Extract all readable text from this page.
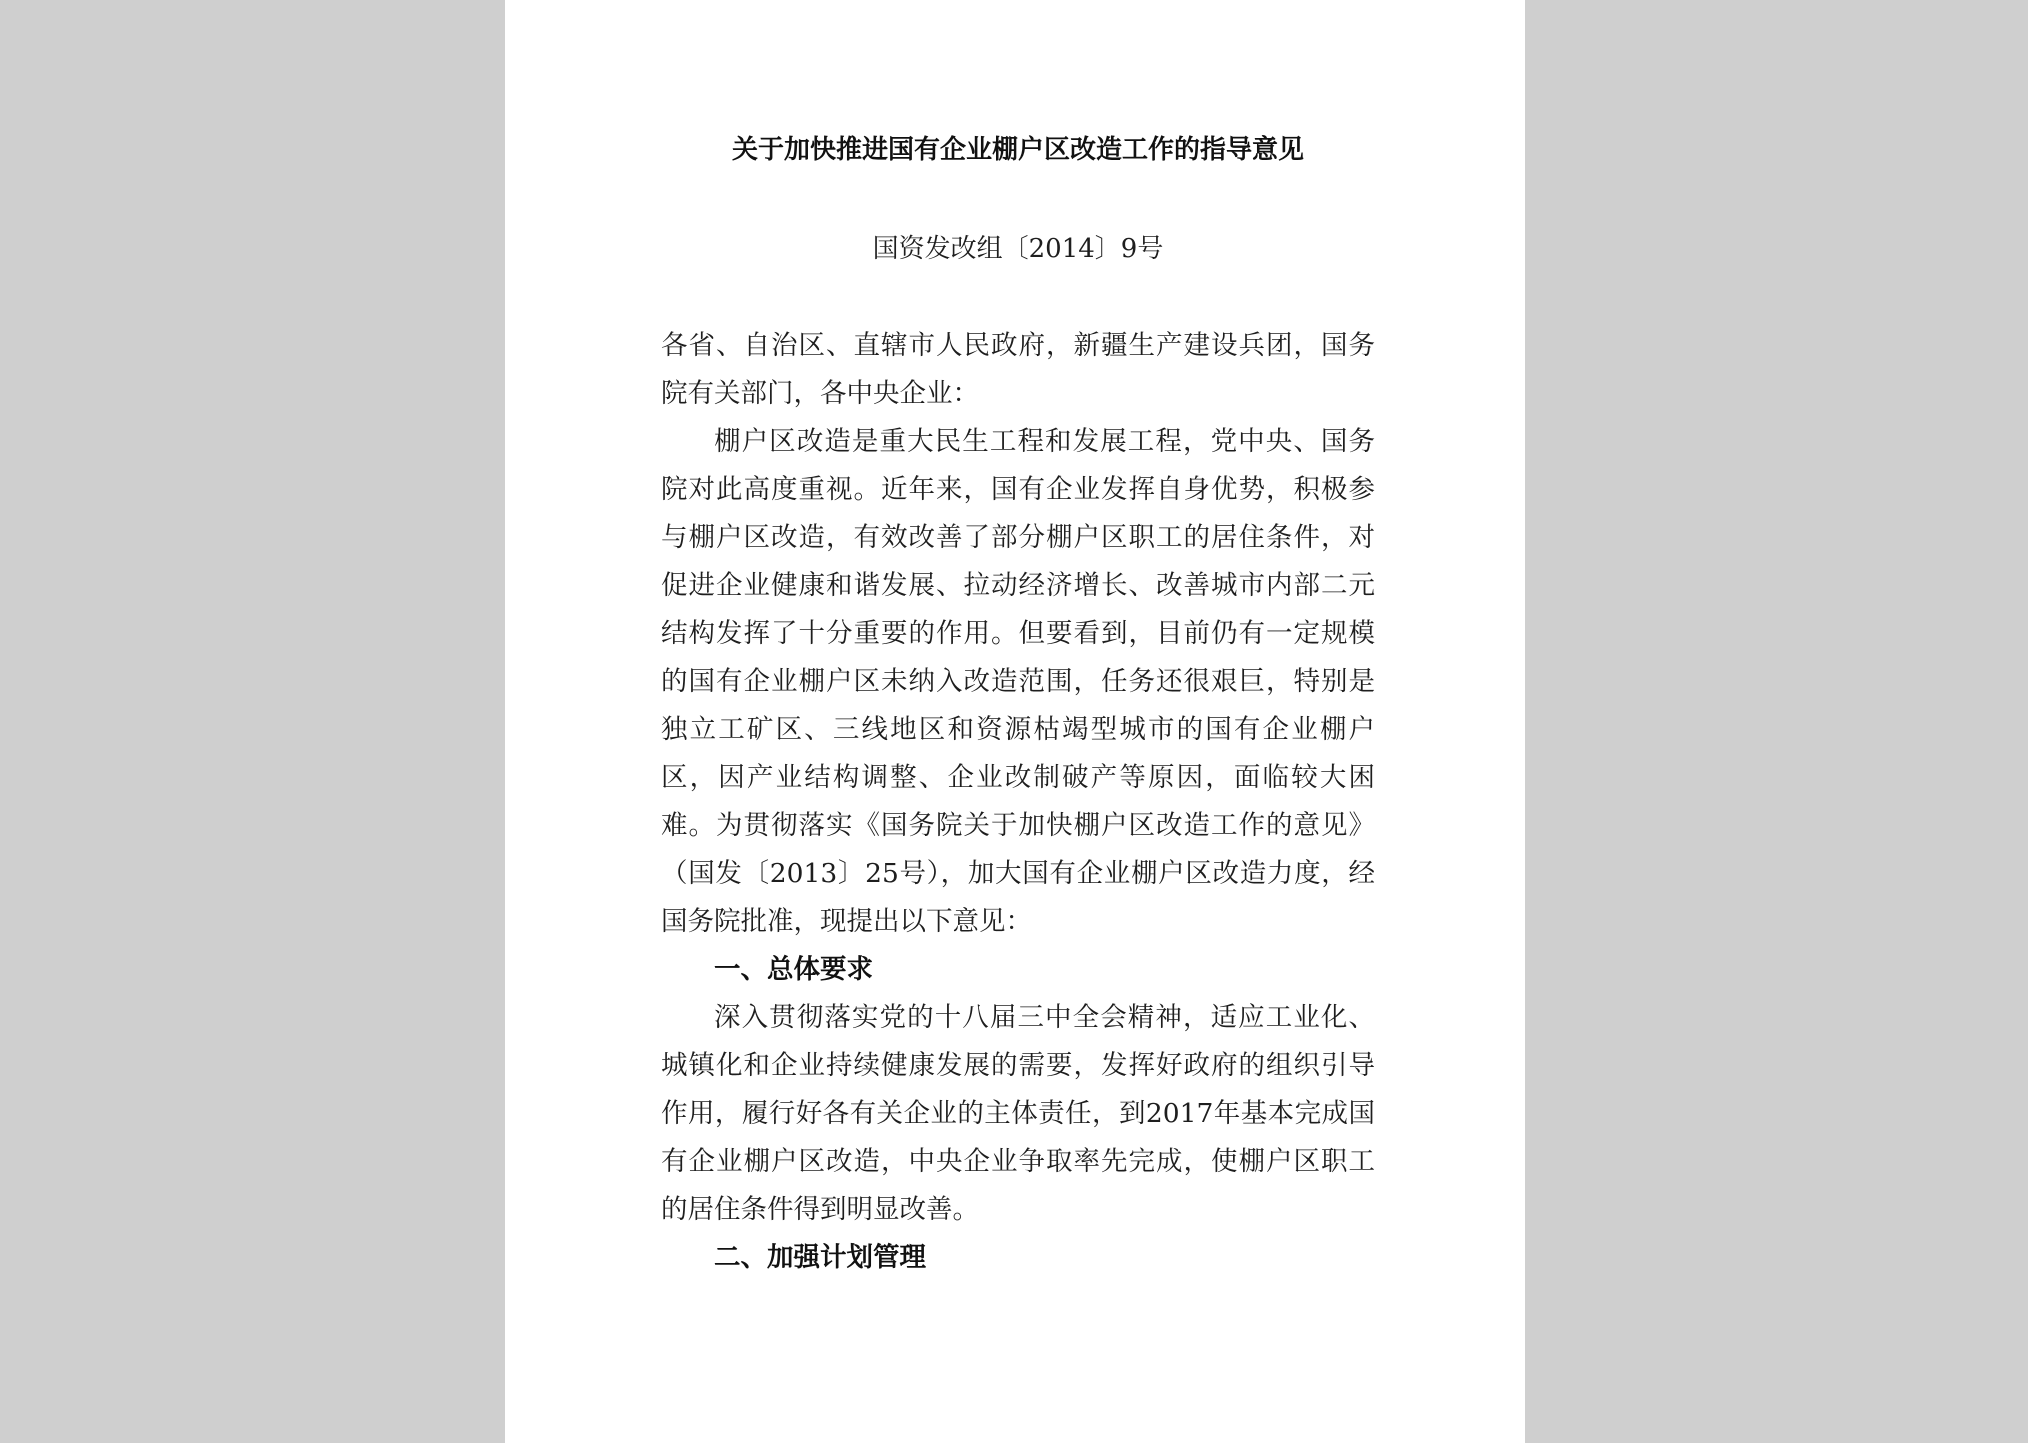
关于加快推进国有企业棚户区改造工作的指导意见
国资发改组〔2014〕9号

各省、自治区、直辖市人民政府，新疆生产建设兵团，国务院有关部门，各中央企业：

棚户区改造是重大民生工程和发展工程，党中央、国务院对此高度重视。近年来，国有企业发挥自身优势，积极参与棚户区改造，有效改善了部分棚户区职工的居住条件，对促进企业健康和谐发展、拉动经济增长、改善城市内部二元结构发挥了十分重要的作用。但要看到，目前仍有一定规模的国有企业棚户区未纳入改造范围，任务还很艰巨，特别是独立工矿区、三线地区和资源枯竭型城市的国有企业棚户区，因产业结构调整、企业改制破产等原因，面临较大困难。为贯彻落实《国务院关于加快棚户区改造工作的意见》（国发〔2013〕25号），加大国有企业棚户区改造力度，经国务院批准，现提出以下意见：

一、总体要求

深入贯彻落实党的十八届三中全会精神，适应工业化、城镇化和企业持续健康发展的需要，发挥好政府的组织引导作用，履行好各有关企业的主体责任，到2017年基本完成国有企业棚户区改造，中央企业争取率先完成，使棚户区职工的居住条件得到明显改善。

二、加强计划管理
